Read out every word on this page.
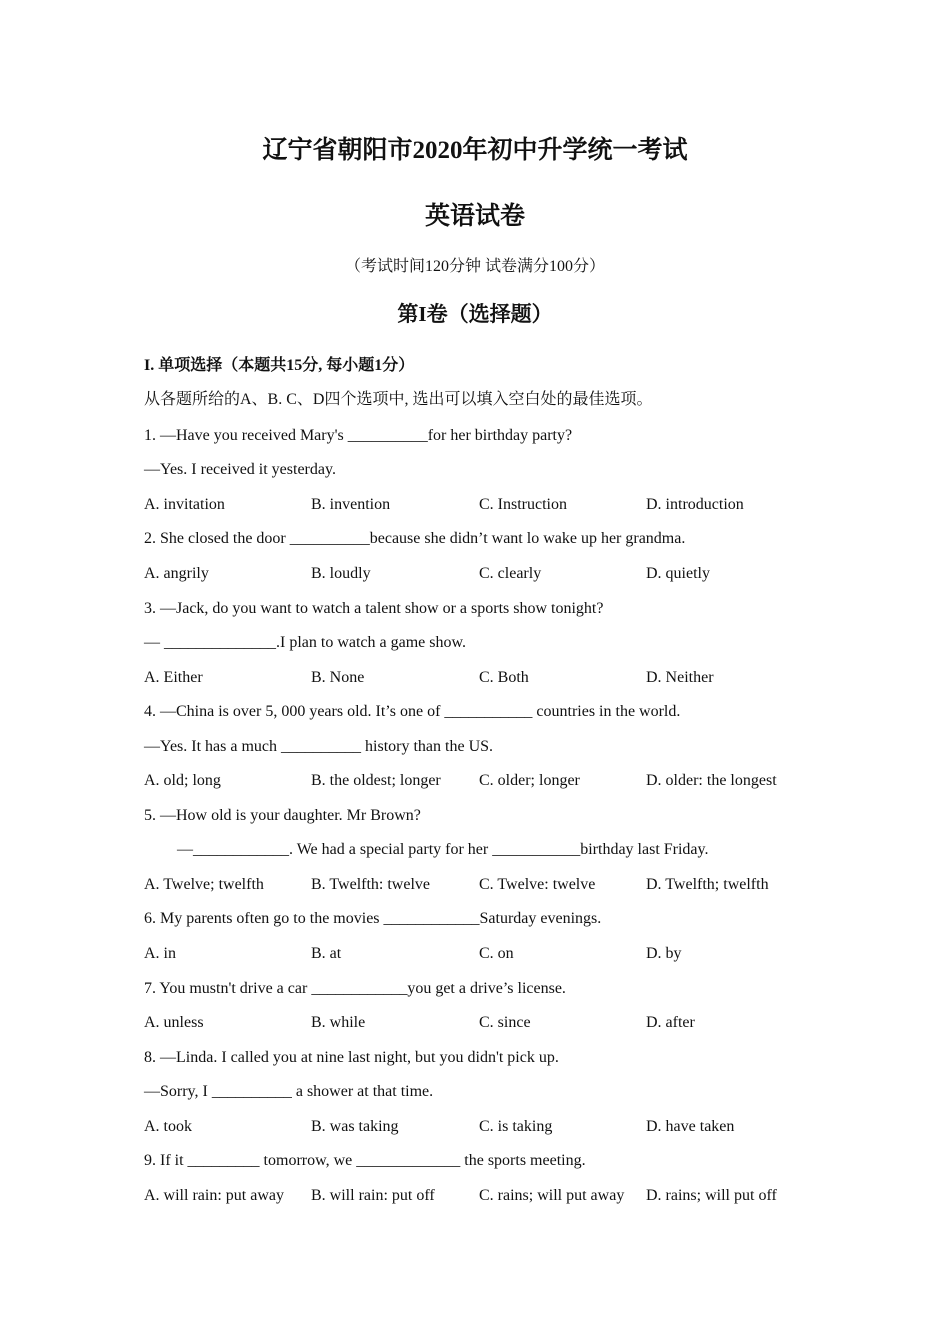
辽宁省朝阳市2020年初中升学统一考试
英语试卷
（考试时间120分钟 试卷满分100分）
第I卷（选择题）
I. 单项选择（本题共15分, 每小题1分）
从各题所给的A、B. C、D四个选项中, 选出可以填入空白处的最佳选项。
1. —Have you received Mary's __________for her birthday party?
—Yes. I received it yesterday.
A. invitation	B. invention	C. Instruction	D. introduction
2. She closed the door __________because she didn’t want lo wake up her grandma.
A. angrily	B. loudly	C. clearly	D. quietly
3. —Jack, do you want to watch a talent show or a sports show tonight?
— ______________.I plan to watch a game show.
A. Either	B. None	C. Both	D. Neither
4. —China is over 5, 000 years old. It’s one of ___________ countries in the world.
—Yes. It has a much __________ history than the US.
A. old; long	B. the oldest; longer C. older; longer	D. older: the longest
5. —How old is your daughter. Mr Brown?
—____________. We had a special party for her ___________birthday last Friday.
A. Twelve; twelfth	B. Twelfth: twelve	C. Twelve: twelve	D. Twelfth; twelfth
6. My parents often go to the movies ____________Saturday evenings.
A. in	B. at	C. on	D. by
7. You mustn't drive a car ____________you get a drive’s license.
A. unless	B. while	C. since	D. after
8. —Linda. I called you at nine last night, but you didn't pick up.
—Sorry, I __________ a shower at that time.
A. took	B. was taking	C. is taking	D. have taken
9. If it _________ tomorrow, we _____________ the sports meeting.
A. will rain: put away B. will rain: put off	C. rains; will put away D. rains; will put off
